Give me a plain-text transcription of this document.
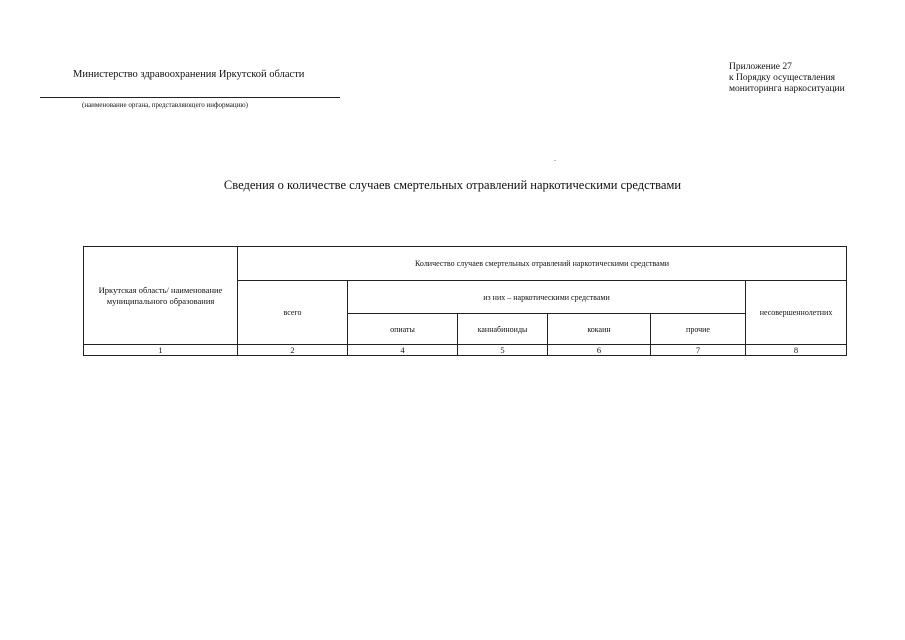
Министерство здравоохранения Иркутской области
(наименование органа, представляющего информацию)
Приложение 27
к Порядку осуществления
мониторинга наркоситуации
Сведения о количестве случаев смертельных отравлений наркотическими средствами
Иркутская область/ наименование муниципального образования	Количество случаев смертельных отравлений наркотическими средствами					
	всего	из них – наркотическими средствами				несовершеннолетних
		опиаты	каннабиноиды	кокаин	прочие	
1	2	4	5	6	7	8
